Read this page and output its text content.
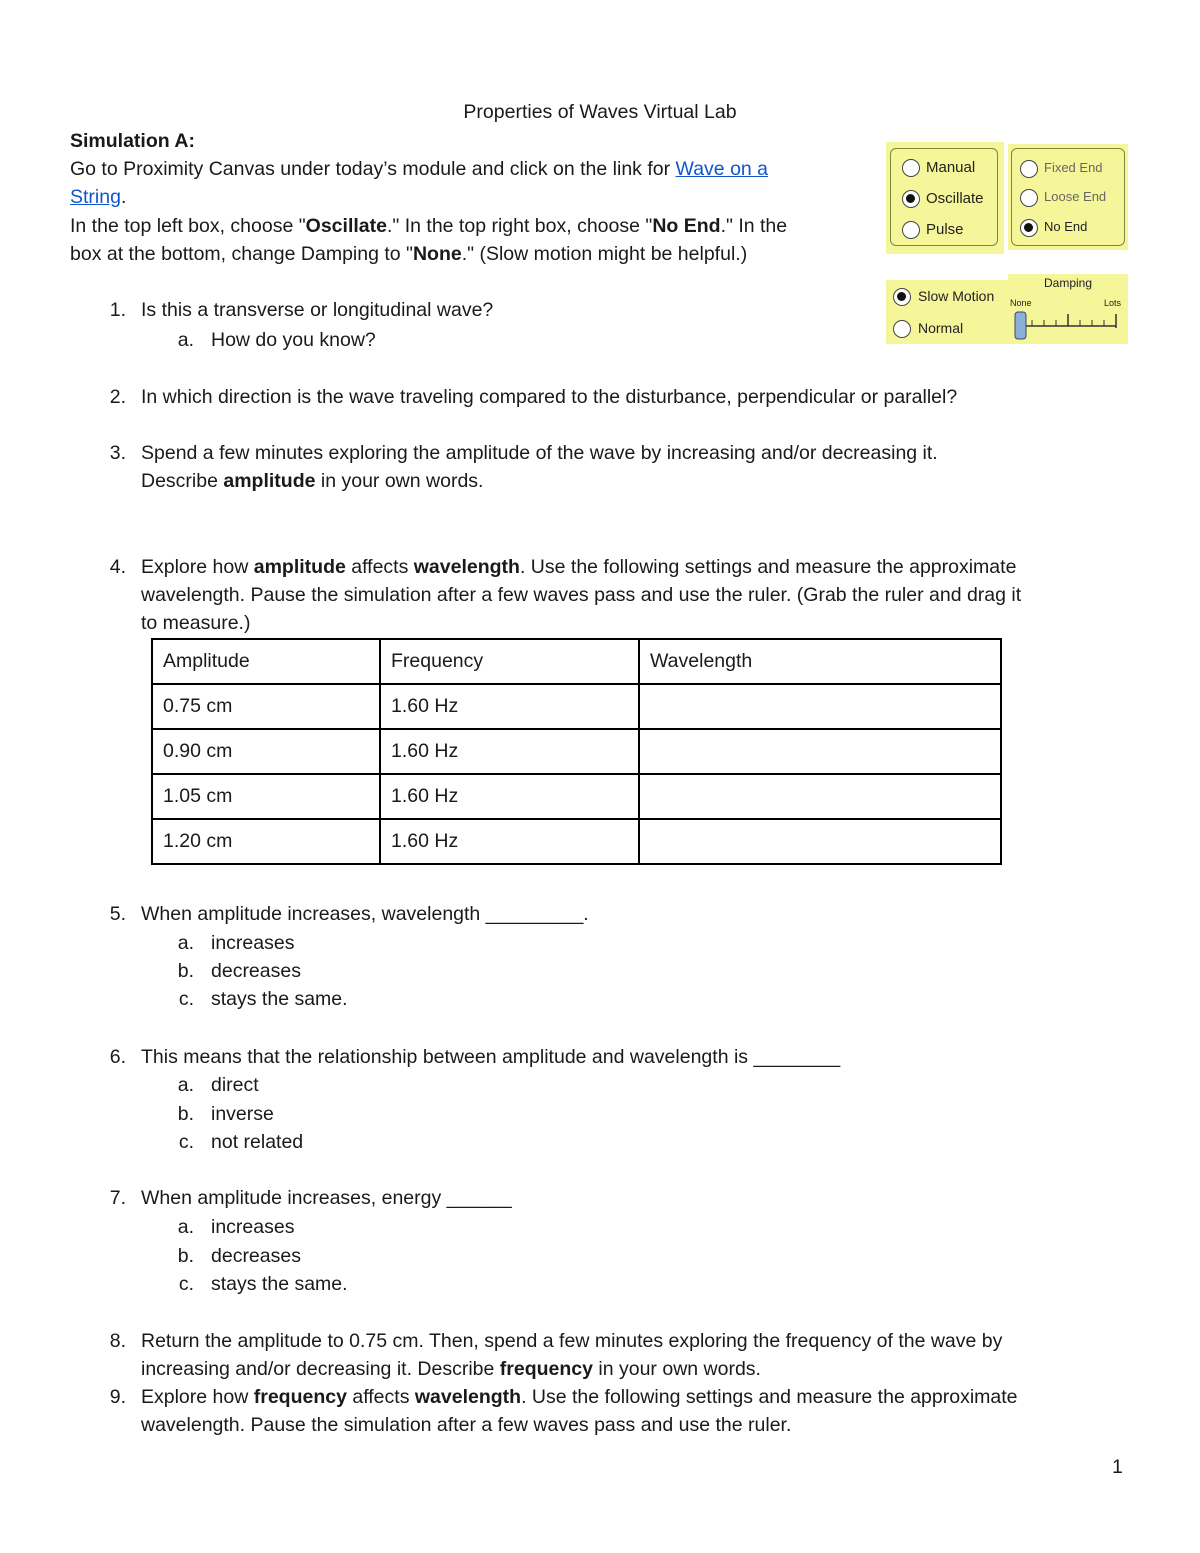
Properties of Waves Virtual Lab
Simulation A:
Go to Proximity Canvas under today’s module and click on the link for Wave on a
String.
In the top left box, choose "Oscillate." In the top right box, choose "No End." In the
box at the bottom, change Damping to "None." (Slow motion might be helpful.)
Manual
Oscillate
Pulse
Fixed End
Loose End
No End
Slow Motion
Normal
Damping
None	Lots
1. Is this a transverse or longitudinal wave?
a. How do you know?
2. In which direction is the wave traveling compared to the disturbance, perpendicular or parallel?
3. Spend a few minutes exploring the amplitude of the wave by increasing and/or decreasing it.
Describe amplitude in your own words.
4. Explore how amplitude affects wavelength. Use the following settings and measure the approximate
wavelength. Pause the simulation after a few waves pass and use the ruler. (Grab the ruler and drag it
to measure.)
Amplitude	Frequency	Wavelength
0.75 cm	1.60 Hz	
0.90 cm	1.60 Hz	
1.05 cm	1.60 Hz	
1.20 cm	1.60 Hz	
5. When amplitude increases, wavelength _________.
a. increases
b. decreases
c. stays the same.
6. This means that the relationship between amplitude and wavelength is ________
a. direct
b. inverse
c. not related
7. When amplitude increases, energy ______
a. increases
b. decreases
c. stays the same.
8. Return the amplitude to 0.75 cm. Then, spend a few minutes exploring the frequency of the wave by
increasing and/or decreasing it. Describe frequency in your own words.
9. Explore how frequency affects wavelength. Use the following settings and measure the approximate
wavelength. Pause the simulation after a few waves pass and use the ruler.
1
